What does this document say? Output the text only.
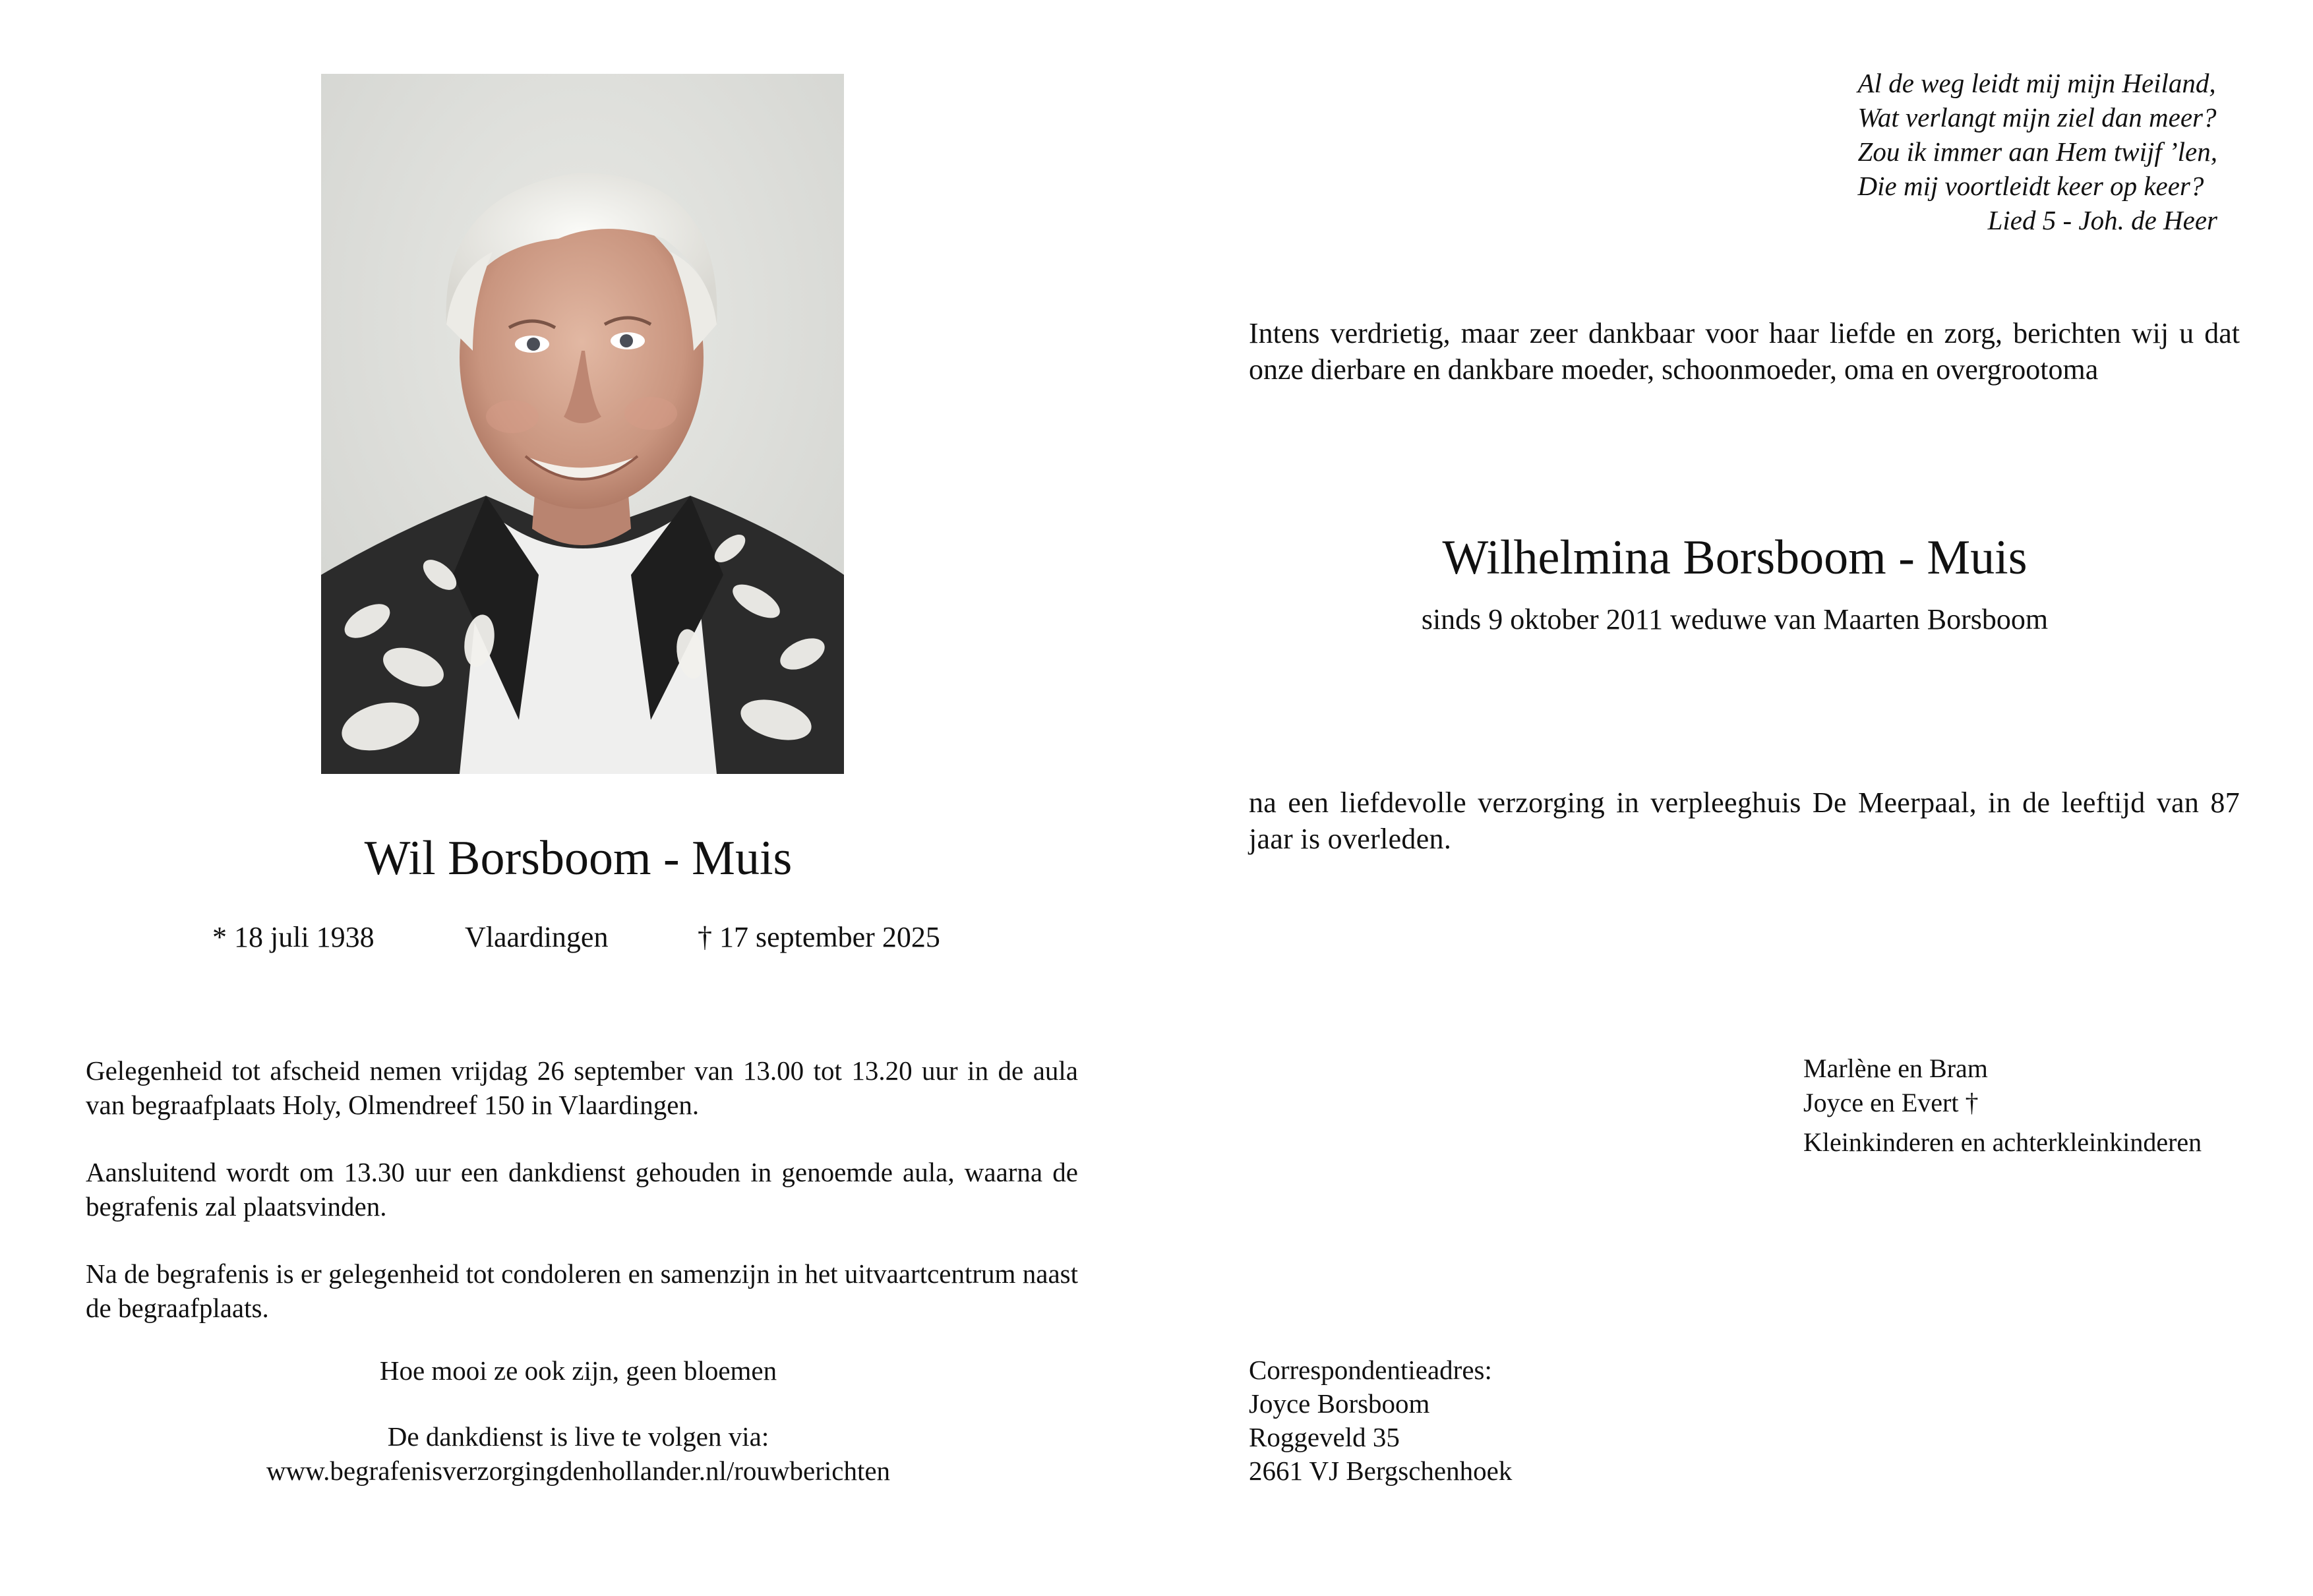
Wil Borsboom - Muis
* 18 juli 1938	Vlaardingen	† 17 september 2025

Gelegenheid tot afscheid nemen vrijdag 26 september van 13.00 tot 13.20 uur in de aula van begraafplaats Holy, Olmendreef 150 in Vlaardingen.

Aansluitend wordt om 13.30 uur een dankdienst gehouden in genoemde aula, waarna de begrafenis zal plaatsvinden.

Na de begrafenis is er gelegenheid tot condoleren en samenzijn in het uitvaartcentrum naast de begraafplaats.

Hoe mooi ze ook zijn, geen bloemen
De dankdienst is live te volgen via:
www.begrafenisverzorgingdenhollander.nl/rouwberichten
Al de weg leidt mij mijn Heiland,
Wat verlangt mijn ziel dan meer?
Zou ik immer aan Hem twijf ’len,
Die mij voortleidt keer op keer?
Lied 5 - Joh. de Heer
Intens verdrietig, maar zeer dankbaar voor haar liefde en zorg, berichten wij u dat onze dierbare en dankbare moeder, schoonmoeder, oma en overgrootoma
Wilhelmina Borsboom - Muis
sinds 9 oktober 2011 weduwe van Maarten Borsboom
na een liefdevolle verzorging in verpleeghuis De Meerpaal, in de leeftijd van 87 jaar is overleden.
Marlène en Bram
Joyce en Evert †
Kleinkinderen en achterkleinkinderen
Correspondentieadres:
Joyce Borsboom
Roggeveld 35
2661 VJ Bergschenhoek
